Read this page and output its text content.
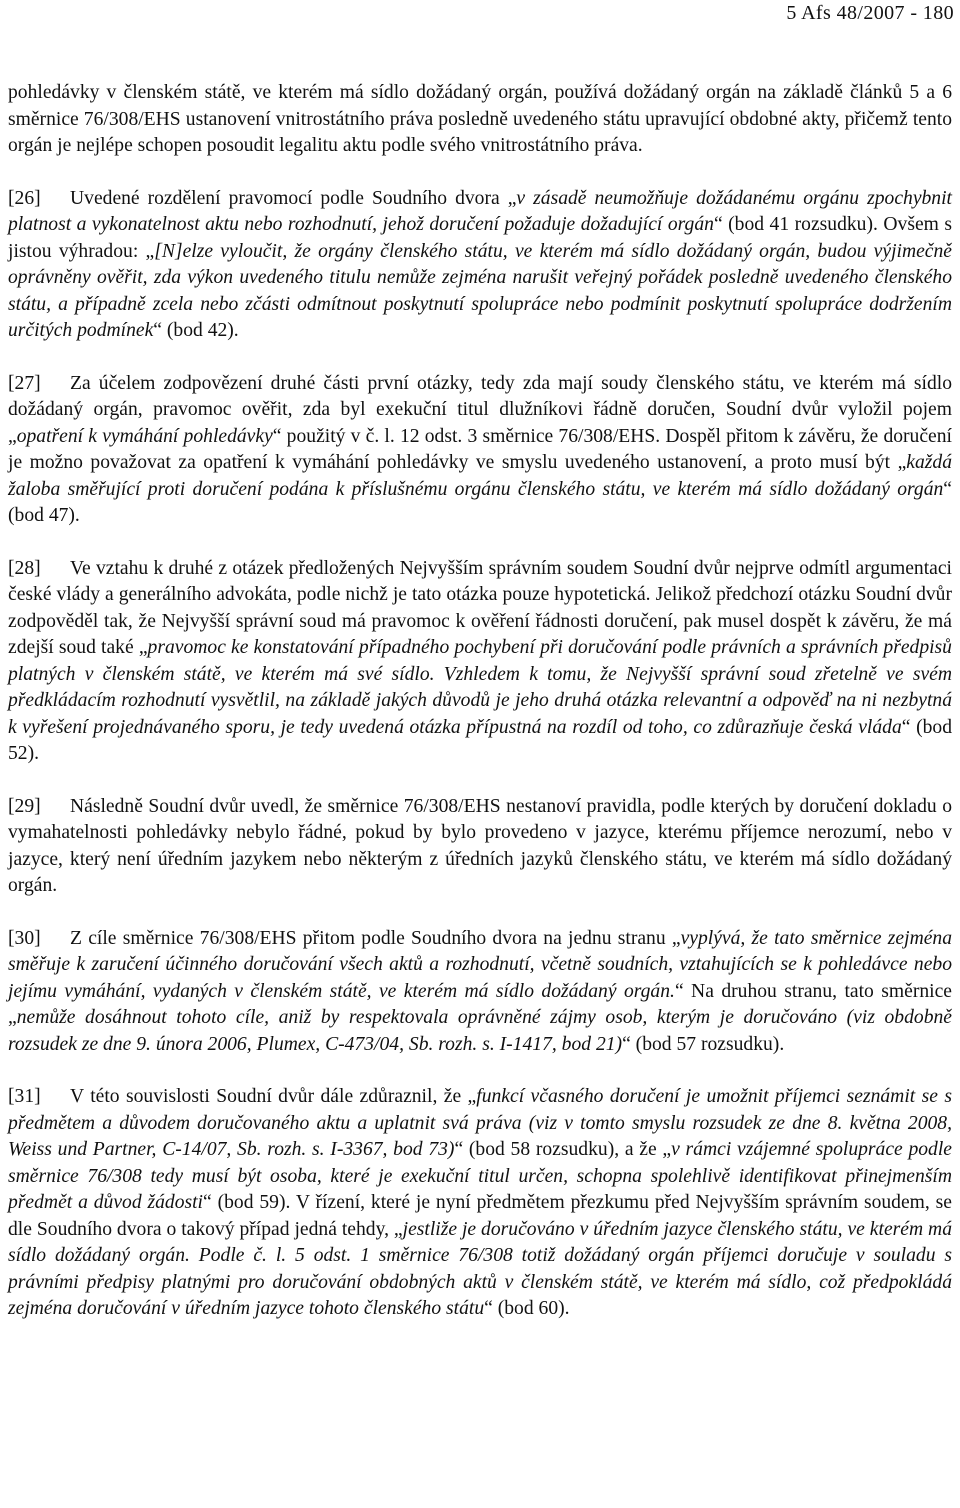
5 Afs 48/2007 - 180

pohledávky v členském státě, ve kterém má sídlo dožádaný orgán, používá dožádaný orgán na základě článků 5 a 6 směrnice 76/308/EHS ustanovení vnitrostátního práva posledně uvedeného státu upravující obdobné akty, přičemž tento orgán je nejlépe schopen posoudit legalitu aktu podle svého vnitrostátního práva.

[26] Uvedené rozdělení pravomocí podle Soudního dvora „v zásadě neumožňuje dožádanému orgánu zpochybnit platnost a vykonatelnost aktu nebo rozhodnutí, jehož doručení požaduje dožadující orgán“ (bod 41 rozsudku). Ovšem s jistou výhradou: „[N]elze vyloučit, že orgány členského státu, ve kterém má sídlo dožádaný orgán, budou výjimečně oprávněny ověřit, zda výkon uvedeného titulu nemůže zejména narušit veřejný pořádek posledně uvedeného členského státu, a případně zcela nebo zčásti odmítnout poskytnutí spolupráce nebo podmínit poskytnutí spolupráce dodržením určitých podmínek“ (bod 42).

[27] Za účelem zodpovězení druhé části první otázky, tedy zda mají soudy členského státu, ve kterém má sídlo dožádaný orgán, pravomoc ověřit, zda byl exekuční titul dlužníkovi řádně doručen, Soudní dvůr vyložil pojem „opatření k vymáhání pohledávky“ použitý v č. l. 12 odst. 3 směrnice 76/308/EHS. Dospěl přitom k závěru, že doručení je možno považovat za opatření k vymáhání pohledávky ve smyslu uvedeného ustanovení, a proto musí být „každá žaloba směřující proti doručení podána k příslušnému orgánu členského státu, ve kterém má sídlo dožádaný orgán“ (bod 47).

[28] Ve vztahu k druhé z otázek předložených Nejvyšším správním soudem Soudní dvůr nejprve odmítl argumentaci české vlády a generálního advokáta, podle nichž je tato otázka pouze hypotetická. Jelikož předchozí otázku Soudní dvůr zodpověděl tak, že Nejvyšší správní soud má pravomoc k ověření řádnosti doručení, pak musel dospět k závěru, že má zdejší soud také „pravomoc ke konstatování případného pochybení při doručování podle právních a správních předpisů platných v členském státě, ve kterém má své sídlo. Vzhledem k tomu, že Nejvyšší správní soud zřetelně ve svém předkládacím rozhodnutí vysvětlil, na základě jakých důvodů je jeho druhá otázka relevantní a odpověď na ni nezbytná k vyřešení projednávaného sporu, je tedy uvedená otázka přípustná na rozdíl od toho, co zdůrazňuje česká vláda“ (bod 52).

[29] Následně Soudní dvůr uvedl, že směrnice 76/308/EHS nestanoví pravidla, podle kterých by doručení dokladu o vymahatelnosti pohledávky nebylo řádné, pokud by bylo provedeno v jazyce, kterému příjemce nerozumí, nebo v jazyce, který není úředním jazykem nebo některým z úředních jazyků členského státu, ve kterém má sídlo dožádaný orgán.

[30] Z cíle směrnice 76/308/EHS přitom podle Soudního dvora na jednu stranu „vyplývá, že tato směrnice zejména směřuje k zaručení účinného doručování všech aktů a rozhodnutí, včetně soudních, vztahujících se k pohledávce nebo jejímu vymáhání, vydaných v členském státě, ve kterém má sídlo dožádaný orgán.“ Na druhou stranu, tato směrnice „nemůže dosáhnout tohoto cíle, aniž by respektovala oprávněné zájmy osob, kterým je doručováno (viz obdobně rozsudek ze dne 9. února 2006, Plumex, C-473/04, Sb. rozh. s. I-1417, bod 21)“ (bod 57 rozsudku).

[31] V této souvislosti Soudní dvůr dále zdůraznil, že „funkcí včasného doručení je umožnit příjemci seznámit se s předmětem a důvodem doručovaného aktu a uplatnit svá práva (viz v tomto smyslu rozsudek ze dne 8. května 2008, Weiss und Partner, C-14/07, Sb. rozh. s. I-3367, bod 73)“ (bod 58 rozsudku), a že „v rámci vzájemné spolupráce podle směrnice 76/308 tedy musí být osoba, které je exekuční titul určen, schopna spolehlivě identifikovat přinejmenším předmět a důvod žádosti“ (bod 59). V řízení, které je nyní předmětem přezkumu před Nejvyšším správním soudem, se dle Soudního dvora o takový případ jedná tehdy, „jestliže je doručováno v úředním jazyce členského státu, ve kterém má sídlo dožádaný orgán. Podle č. l. 5 odst. 1 směrnice 76/308 totiž dožádaný orgán příjemci doručuje v souladu s právními předpisy platnými pro doručování obdobných aktů v členském státě, ve kterém má sídlo, což předpokládá zejména doručování v úředním jazyce tohoto členského státu“ (bod 60).
